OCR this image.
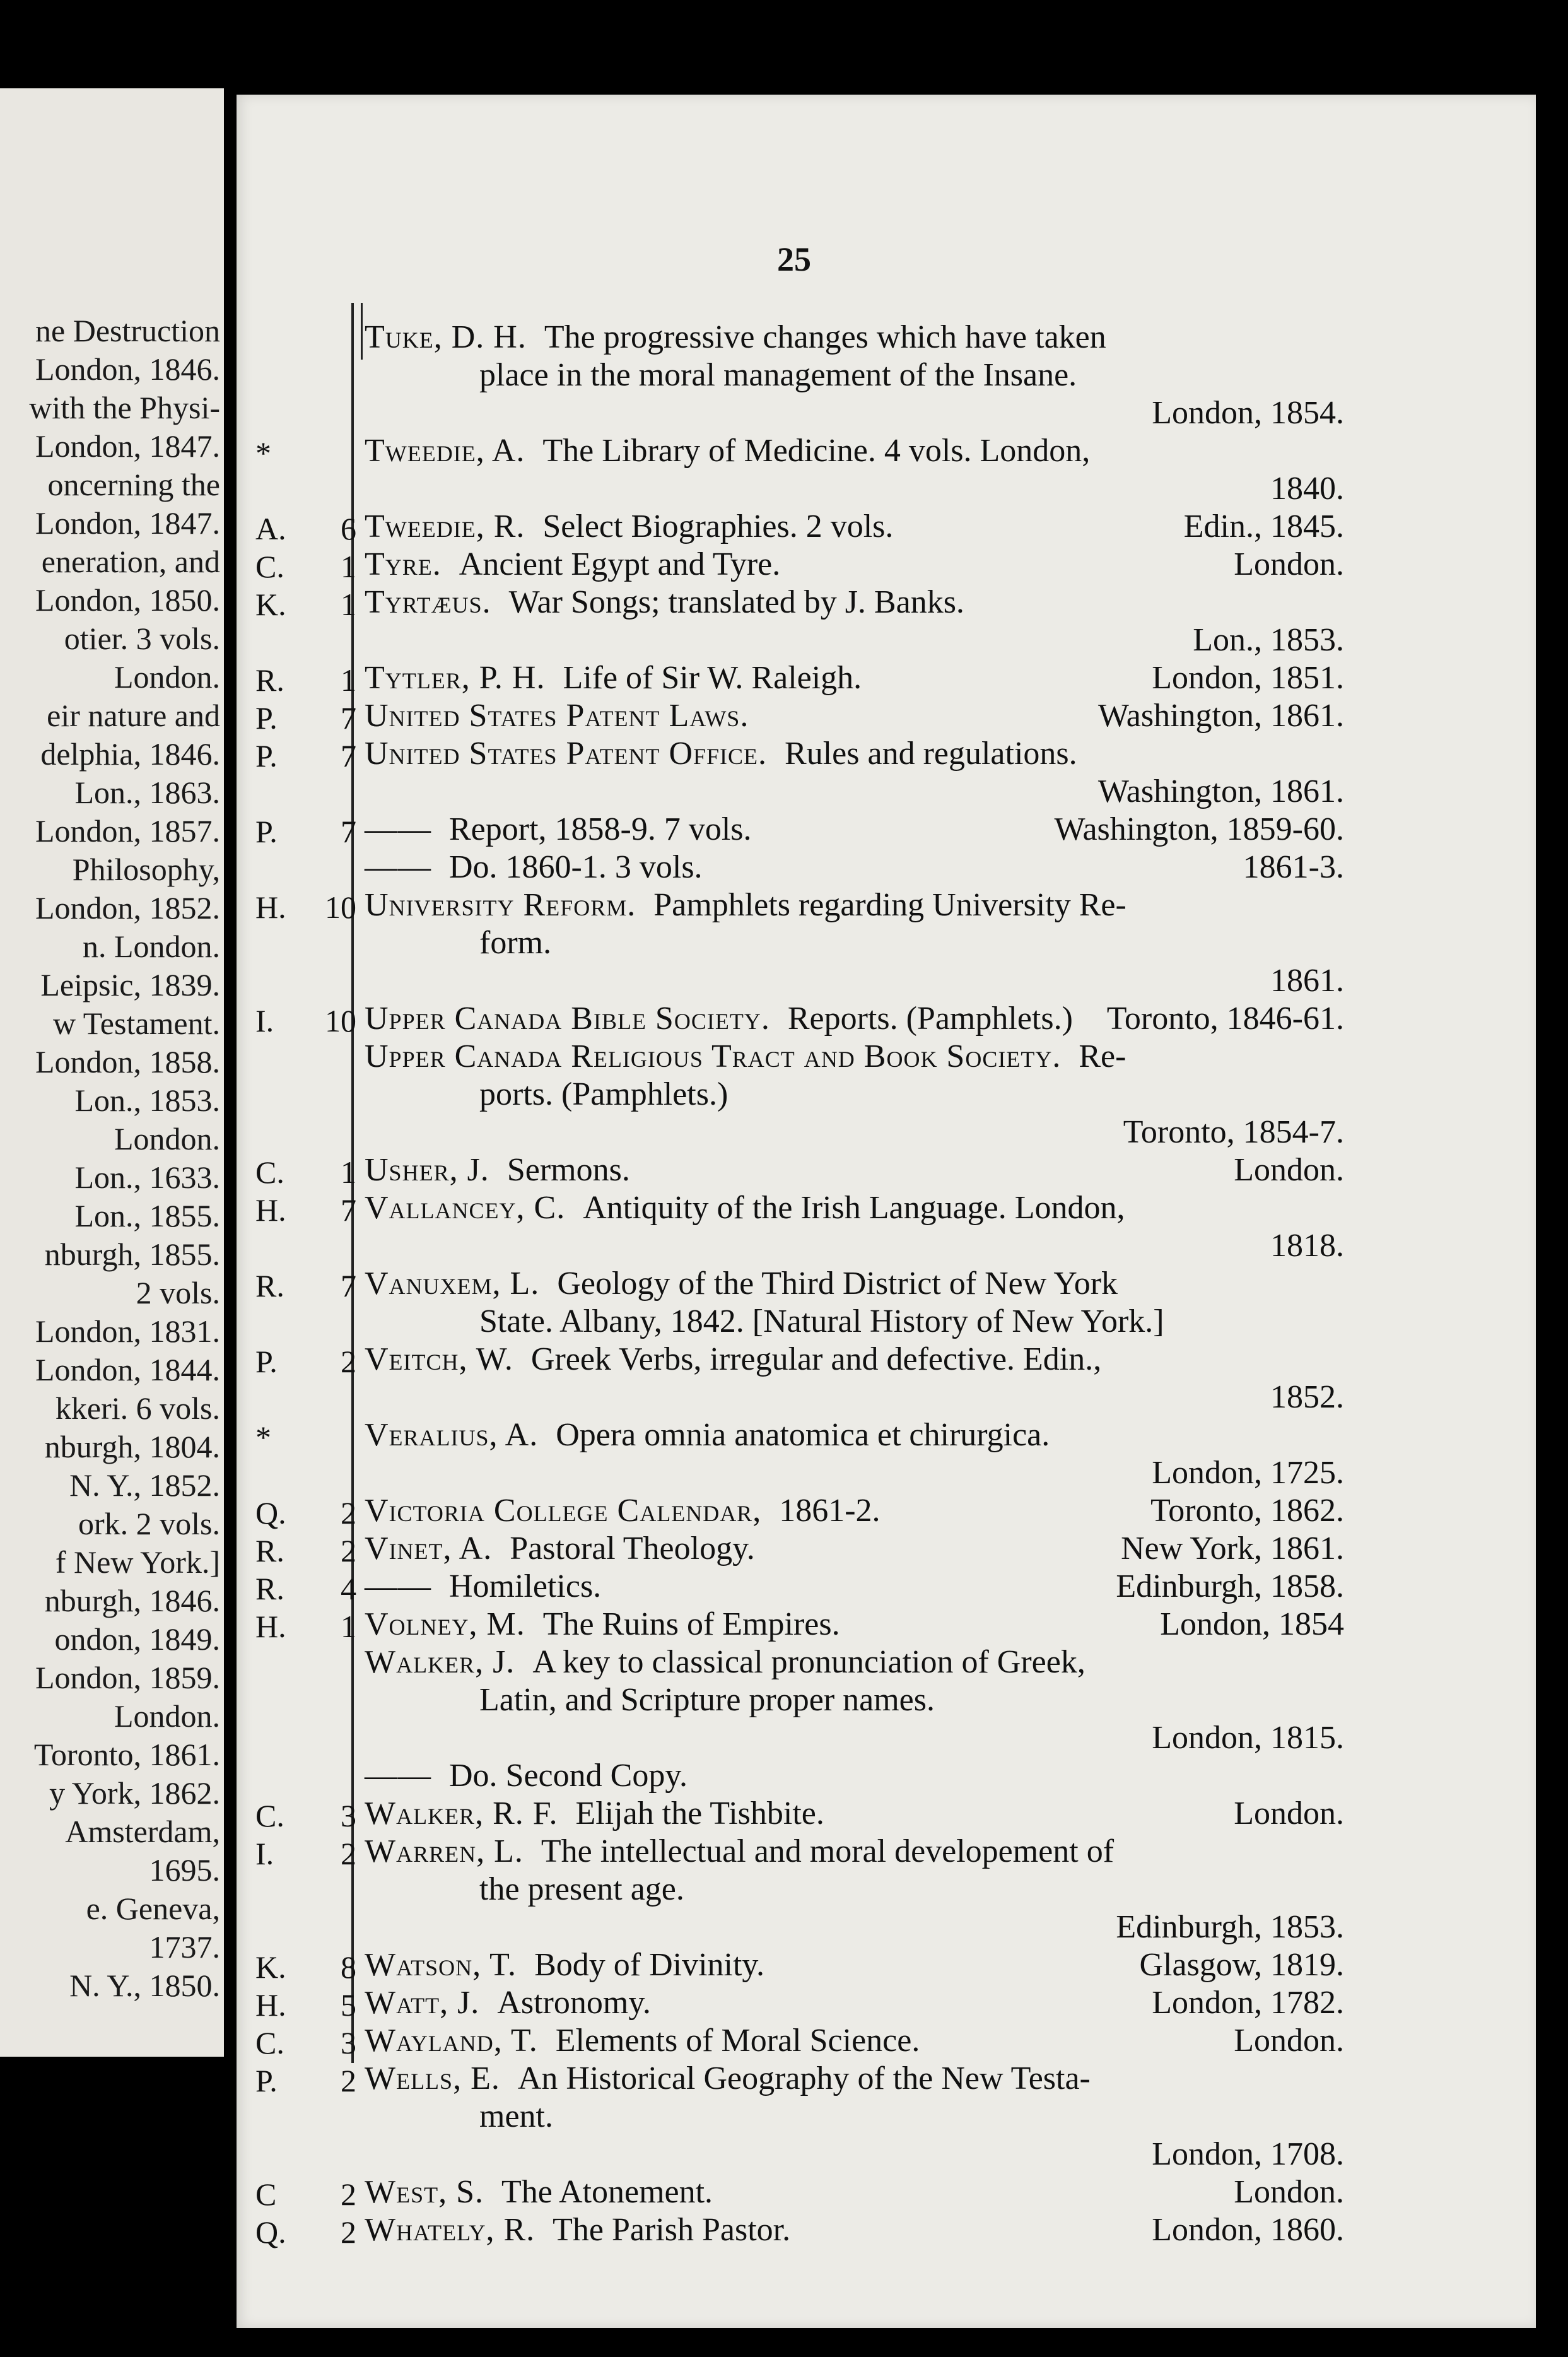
ne Destruction
London, 1846.
with the Physi-
London, 1847.
oncerning the
London, 1847.
eneration, and
London, 1850.
otier. 3 vols.
London.
eir nature and
delphia, 1846.
Lon., 1863.
London, 1857.
Philosophy,
London, 1852.
n. London.
Leipsic, 1839.
w Testament.
London, 1858.
Lon., 1853.
London.
Lon., 1633.
Lon., 1855.
nburgh, 1855.
2 vols.
London, 1831.
London, 1844.
kkeri. 6 vols.
nburgh, 1804.
N. Y., 1852.
ork. 2 vols.
f New York.]
nburgh, 1846.
ondon, 1849.
London, 1859.
London.
Toronto, 1861.
y York, 1862.
Amsterdam,
1695.
e. Geneva,
1737.
N. Y., 1850.
25
Tuke, D. H. The progressive changes which have taken
place in the moral management of the Insane.
London, 1854.
*	Tweedie, A. The Library of Medicine. 4 vols. London,
1840.
A. 6 Tweedie, R. Select Biographies. 2 vols.	Edin., 1845.
C. 1 Tyre. Ancient Egypt and Tyre.	London.
K. 1 Tyrtæus. War Songs; translated by J. Banks.
Lon., 1853.
R. 1 Tytler, P. H. Life of Sir W. Raleigh.	London, 1851.
P. 7 United States Patent Laws.	Washington, 1861.
P. 7 United States Patent Office. Rules and regulations.
Washington, 1861.
P. 7 —— Report, 1858-9. 7 vols.	Washington, 1859-60.
—— Do. 1860-1. 3 vols.	1861-3.
H. 10 University Reform. Pamphlets regarding University Re-
form.
1861.
I. 10 Upper Canada Bible Society. Reports. (Pamphlets.) Toronto, 1846-61.
Upper Canada Religious Tract and Book Society. Re-
ports. (Pamphlets.)
Toronto, 1854-7.
C. 1 Usher, J. Sermons.	London.
H. 7 Vallancey, C. Antiquity of the Irish Language. London,
1818.
R. 7 Vanuxem, L. Geology of the Third District of New York
State. Albany, 1842. [Natural History of New York.]
P. 2 Veitch, W. Greek Verbs, irregular and defective. Edin.,
1852.
*	Veralius, A. Opera omnia anatomica et chirurgica.
London, 1725.
Q. 2 Victoria College Calendar, 1861-2.	Toronto, 1862.
R. 2 Vinet, A. Pastoral Theology.	New York, 1861.
R. 4 —— Homiletics.	Edinburgh, 1858.
H. 1 Volney, M. The Ruins of Empires.	London, 1854
Walker, J. A key to classical pronunciation of Greek,
Latin, and Scripture proper names.
London, 1815.
—— Do. Second Copy.
C. 3 Walker, R. F. Elijah the Tishbite.	London.
I. 2 Warren, L. The intellectual and moral developement of
the present age.
Edinburgh, 1853.
K. 8 Watson, T. Body of Divinity.	Glasgow, 1819.
H. 5 Watt, J. Astronomy.	London, 1782.
C. 3 Wayland, T. Elements of Moral Science.	London.
P. 2 Wells, E. An Historical Geography of the New Testa-
ment.
London, 1708.
C 2 West, S. The Atonement.	London.
Q. 2 Whately, R. The Parish Pastor.	London, 1860.
